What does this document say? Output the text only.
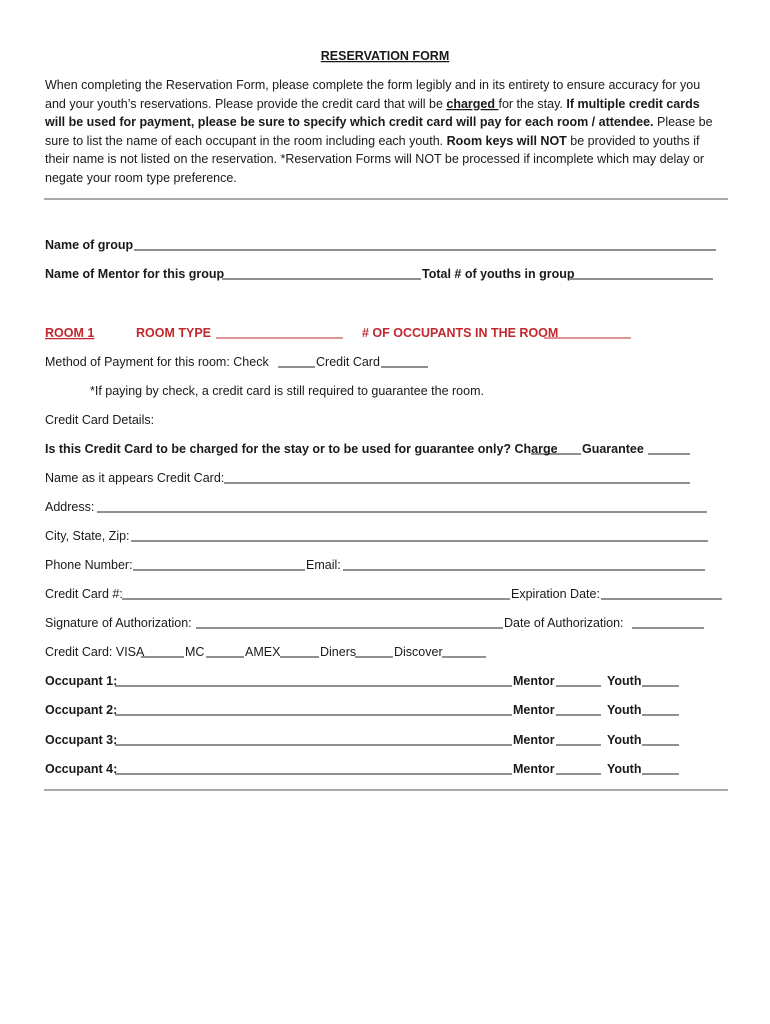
RESERVATION FORM
When completing the Reservation Form, please complete the form legibly and in its entirety to ensure accuracy for you
and your youth’s reservations. Please provide the credit card that will be charged for the stay. If multiple credit cards
will be used for payment, please be sure to specify which credit card will pay for each room / attendee. Please be
sure to list the name of each occupant in the room including each youth. Room keys will NOT be provided to youths if
their name is not listed on the reservation. *Reservation Forms will NOT be processed if incomplete which may delay or
negate your room type preference.
Name of group
Name of Mentor for this group	Total # of youths in group
ROOM 1	ROOM TYPE	# OF OCCUPANTS IN THE ROOM
Method of Payment for this room: Check	Credit Card
*If paying by check, a credit card is still required to guarantee the room.
Credit Card Details:
Is this Credit Card to be charged for the stay or to be used for guarantee only? Charge Guarantee
Name as it appears Credit Card:
Address:
City, State, Zip:
Phone Number:	Email:
Credit Card #:	Expiration Date:
Signature of Authorization:	Date of Authorization:
Credit Card: VISA	MC	AMEX	Diners	Discover
Occupant 1:	Mentor	Youth
Occupant 2:	Mentor	Youth
Occupant 3:	Mentor	Youth
Occupant 4:	Mentor	Youth
